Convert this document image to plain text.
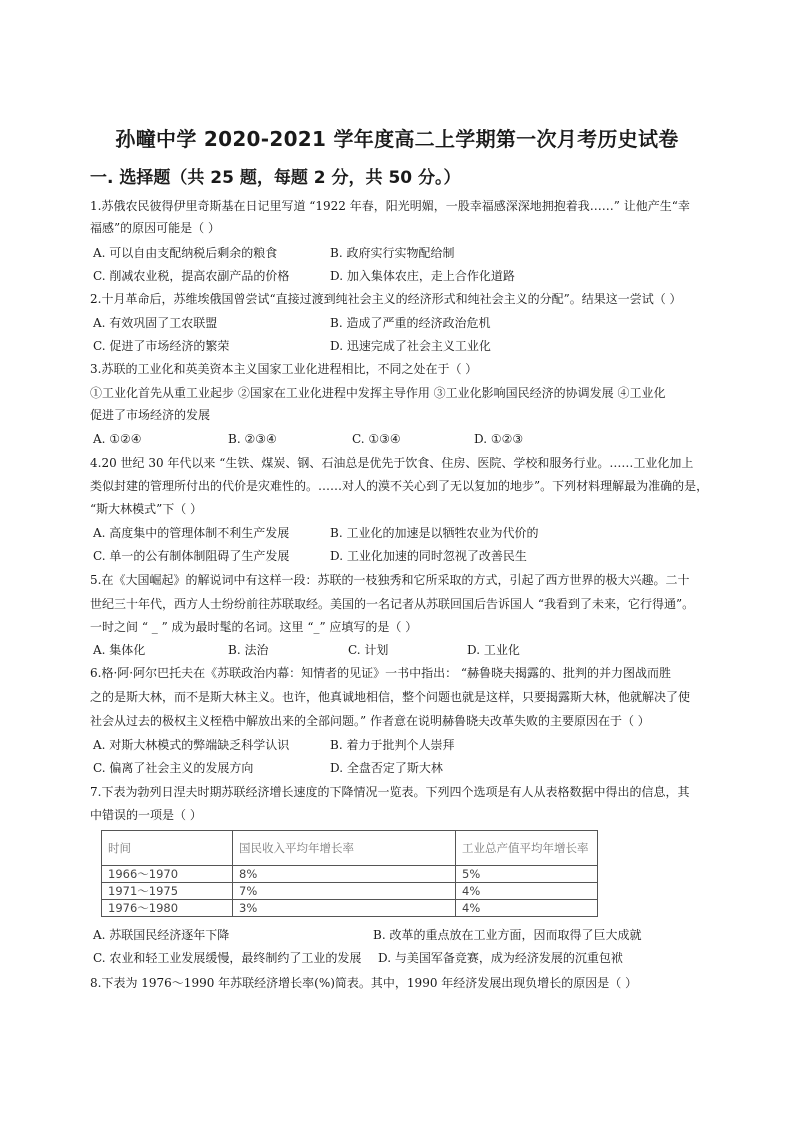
孙疃中学 2020-2021 学年度高二上学期第一次月考历史试卷
一. 选择题（共 25 题，每题 2 分，共 50 分。）
1.苏俄农民彼得伊里奇斯基在日记里写道 “1922 年春，阳光明媚，一股幸福感深深地拥抱着我……” 让他产生“幸
福感”的原因可能是（ ）
A. 可以自由支配纳税后剩余的粮食	B. 政府实行实物配给制
C. 削减农业税，提高农副产品的价格	D. 加入集体农庄，走上合作化道路
2.十月革命后，苏维埃俄国曾尝试“直接过渡到纯社会主义的经济形式和纯社会主义的分配”。结果这一尝试（ ）
A. 有效巩固了工农联盟	B. 造成了严重的经济政治危机
C. 促进了市场经济的繁荣	D. 迅速完成了社会主义工业化
3.苏联的工业化和英美资本主义国家工业化进程相比，不同之处在于（ ）
①工业化首先从重工业起步 ②国家在工业化进程中发挥主导作用 ③工业化影响国民经济的协调发展 ④工业化
促进了市场经济的发展
A. ①②④	B. ②③④	C. ①③④	D. ①②③
4.20 世纪 30 年代以来 “生铁、煤炭、钢、石油总是优先于饮食、住房、医院、学校和服务行业。……工业化加上
类似封建的管理所付出的代价是灾难性的。……对人的漠不关心到了无以复加的地步”。下列材料理解最为准确的是，
“斯大林模式”下（ ）
A. 高度集中的管理体制不利生产发展	B. 工业化的加速是以牺牲农业为代价的
C. 单一的公有制体制阻碍了生产发展	D. 工业化加速的同时忽视了改善民生
5.在《大国崛起》的解说词中有这样一段：苏联的一枝独秀和它所采取的方式，引起了西方世界的极大兴趣。二十
世纪三十年代，西方人士纷纷前往苏联取经。美国的一名记者从苏联回国后告诉国人 “我看到了未来，它行得通”。
一时之间 “ _ ” 成为最时髦的名词。这里 “_” 应填写的是（ ）
A. 集体化	B. 法治	C. 计划	D. 工业化
6.格·阿·阿尔巴托夫在《苏联政治内幕：知情者的见证》一书中指出： “赫鲁晓夫揭露的、批判的并力图战而胜
之的是斯大林，而不是斯大林主义。也许，他真诚地相信，整个问题也就是这样，只要揭露斯大林，他就解决了使
社会从过去的极权主义桎梏中解放出来的全部问题。” 作者意在说明赫鲁晓夫改革失败的主要原因在于（ ）
A. 对斯大林模式的弊端缺乏科学认识	B. 着力于批判个人崇拜
C. 偏离了社会主义的发展方向	D. 全盘否定了斯大林
7.下表为勃列日涅夫时期苏联经济增长速度的下降情况一览表。下列四个选项是有人从表格数据中得出的信息，其
中错误的一项是（ ）
时间	国民收入平均年增长率	工业总产值平均年增长率
1966～1970	8%	5%
1971～1975	7%	4%
1976～1980	3%	4%
A. 苏联国民经济逐年下降	B. 改革的重点放在工业方面，因而取得了巨大成就
C. 农业和轻工业发展缓慢，最终制约了工业的发展 D. 与美国军备竞赛，成为经济发展的沉重包袱
8.下表为 1976～1990 年苏联经济增长率(%)简表。其中，1990 年经济发展出现负增长的原因是（ ）
